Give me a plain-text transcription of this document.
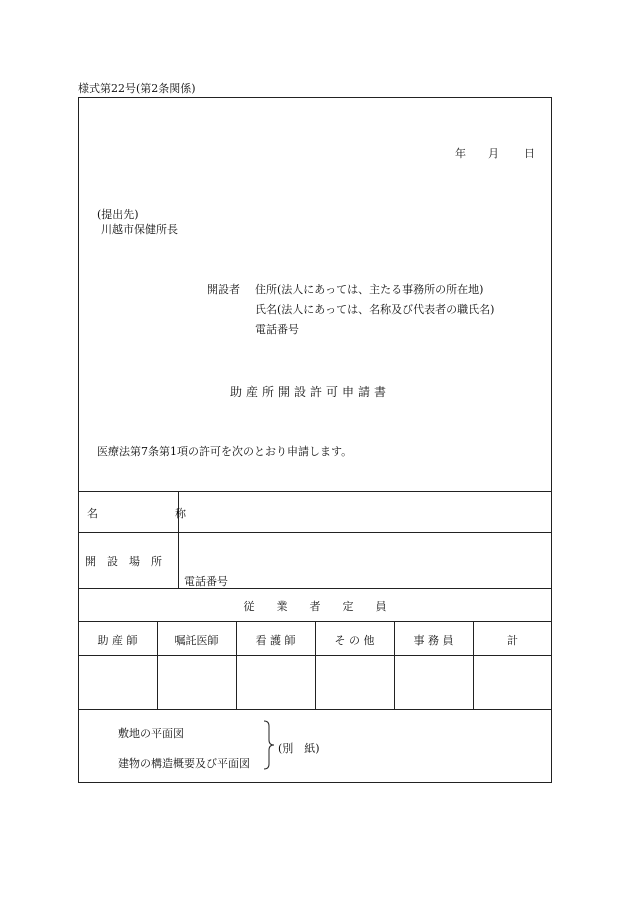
様式第22号(第2条関係)
年 月 日
(提出先)
川越市保健所長
開設者 住所(法人にあっては、主たる事務所の所在地)
氏名(法人にあっては、名称及び代表者の職氏名)
電話番号
助産所開設許可申請書
医療法第7条第1項の許可を次のとおり申請します。
名　　　　　　　称
開　設　場　所
電話番号
従　　業　　者　　定　　員
助 産 師	嘱託医師	看 護 師	そ の 他	事 務 員	計
敷地の平面図
建物の構造概要及び平面図
(別　紙)
